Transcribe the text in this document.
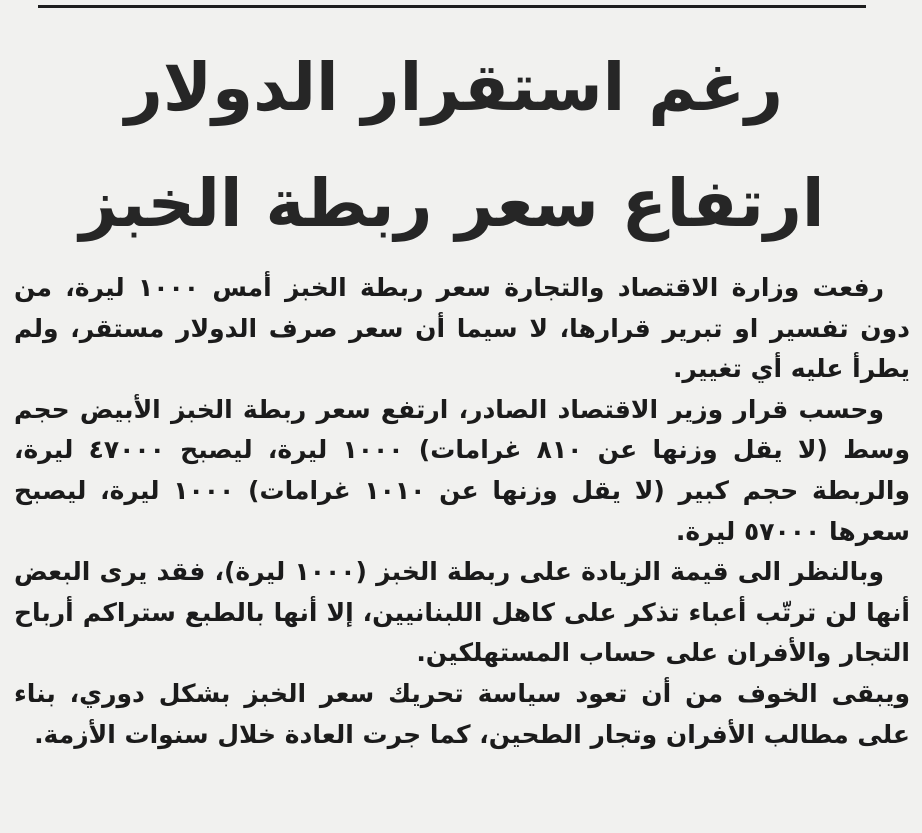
رغم استقرار الدولار
ارتفاع سعر ربطة الخبز

رفعت وزارة الاقتصاد والتجارة سعر ربطة الخبز أمس ١٠٠٠ ليرة، من دون تفسير او تبرير قرارها، لا سيما أن سعر صرف الدولار مستقر، ولم يطرأ عليه أي تغيير.

وحسب قرار وزير الاقتصاد الصادر، ارتفع سعر ربطة الخبز الأبيض حجم وسط (لا يقل وزنها عن ٨١٠ غرامات) ١٠٠٠ ليرة، ليصبح ٤٧٠٠٠ ليرة، والربطة حجم كبير (لا يقل وزنها عن ١٠١٠ غرامات) ١٠٠٠ ليرة، ليصبح سعرها ٥٧٠٠٠ ليرة.

وبالنظر الى قيمة الزيادة على ربطة الخبز (١٠٠٠ ليرة)، فقد يرى البعض أنها لن ترتّب أعباء تذكر على كاهل اللبنانيين، إلا أنها بالطبع ستراكم أرباح التجار والأفران على حساب المستهلكين.

ويبقى الخوف من أن تعود سياسة تحريك سعر الخبز بشكل دوري، بناء على مطالب الأفران وتجار الطحين، كما جرت العادة خلال سنوات الأزمة.
